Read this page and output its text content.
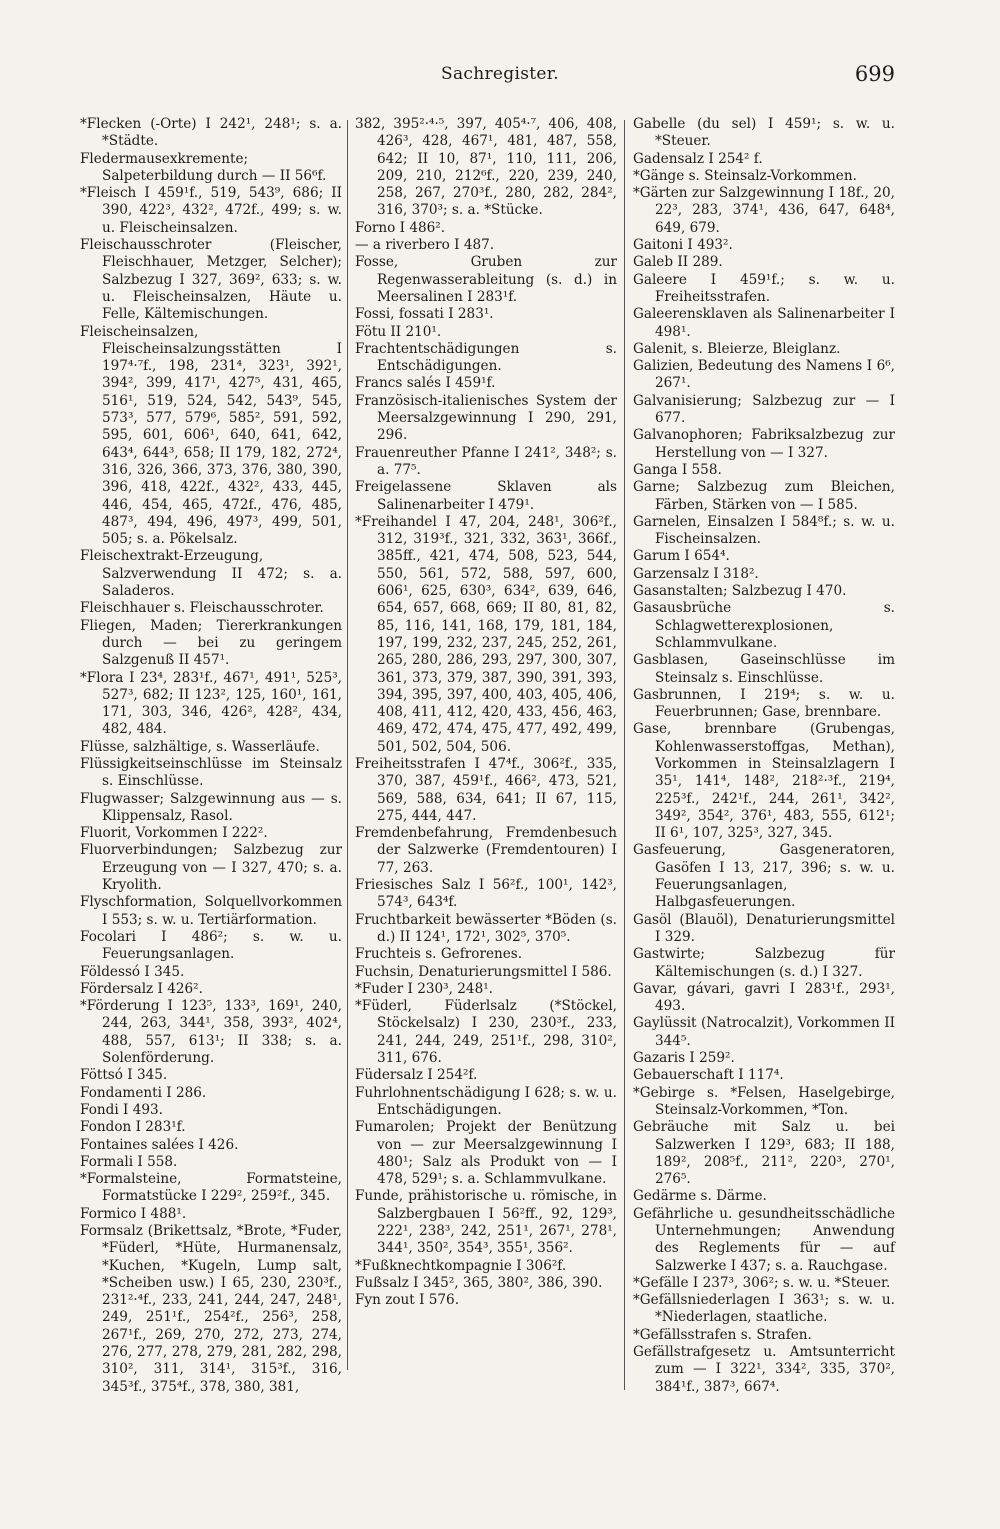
Sachregister.	699

*Flecken (-Orte) I 242¹, 248¹; s. a. *Städte.

Fledermausexkremente; Salpeterbildung durch — II 56⁶f.

*Fleisch I 459¹f., 519, 543⁹, 686; II 390, 422³, 432², 472f., 499; s. w. u. Fleischeinsalzen.

Fleischausschroter (Fleischer, Fleischhauer, Metzger, Selcher); Salzbezug I 327, 369², 633; s. w. u. Fleischeinsalzen, Häute u. Felle, Kältemischungen.

Fleischeinsalzen, Fleischeinsalzungsstätten I 197⁴·⁷f., 198, 231⁴, 323¹, 392¹, 394², 399, 417¹, 427⁵, 431, 465, 516¹, 519, 524, 542, 543⁹, 545, 573³, 577, 579⁶, 585², 591, 592, 595, 601, 606¹, 640, 641, 642, 643⁴, 644³, 658; II 179, 182, 272⁴, 316, 326, 366, 373, 376, 380, 390, 396, 418, 422f., 432², 433, 445, 446, 454, 465, 472f., 476, 485, 487³, 494, 496, 497³, 499, 501, 505; s. a. Pökelsalz.

Fleischextrakt-Erzeugung, Salzverwendung II 472; s. a. Saladeros.

Fleischhauer s. Fleischausschroter.

Fliegen, Maden; Tiererkrankungen durch — bei zu geringem Salzgenuß II 457¹.

*Flora I 23⁴, 283¹f., 467¹, 491¹, 525³, 527³, 682; II 123², 125, 160¹, 161, 171, 303, 346, 426², 428², 434, 482, 484.

Flüsse, salzhältige, s. Wasserläufe.

Flüssigkeitseinschlüsse im Steinsalz s. Einschlüsse.

Flugwasser; Salzgewinnung aus — s. Klippensalz, Rasol.

Fluorit, Vorkommen I 222².

Fluorverbindungen; Salzbezug zur Erzeugung von — I 327, 470; s. a. Kryolith.

Flyschformation, Solquellvorkommen I 553; s. w. u. Tertiärformation.

Focolari I 486²; s. w. u. Feuerungsanlagen.

Földessó I 345.

Fördersalz I 426².

*Förderung I 123⁵, 133³, 169¹, 240, 244, 263, 344¹, 358, 393², 402⁴, 488, 557, 613¹; II 338; s. a. Solenförderung.

Föttsó I 345.

Fondamenti I 286.

Fondi I 493.

Fondon I 283¹f.

Fontaines salées I 426.

Formali I 558.

*Formalsteine, Formatsteine, Formatstücke I 229², 259²f., 345.

Formico I 488¹.

Formsalz (Brikettsalz, *Brote, *Fuder, *Füderl, *Hüte, Hurmanensalz, *Kuchen, *Kugeln, Lump salt, *Scheiben usw.) I 65, 230, 230³f., 231²·⁴f., 233, 241, 244, 247, 248¹, 249, 251¹f., 254²f., 256³, 258, 267¹f., 269, 270, 272, 273, 274, 276, 277, 278, 279, 281, 282, 298, 310², 311, 314¹, 315³f., 316, 345³f., 375⁴f., 378, 380, 381,

382, 395²·⁴·⁵, 397, 405⁴·⁷, 406, 408, 426³, 428, 467¹, 481, 487, 558, 642; II 10, 87¹, 110, 111, 206, 209, 210, 212⁶f., 220, 239, 240, 258, 267, 270³f., 280, 282, 284², 316, 370³; s. a. *Stücke.

Forno I 486².

— a riverbero I 487.

Fosse, Gruben zur Regenwasserableitung (s. d.) in Meersalinen I 283¹f.

Fossi, fossati I 283¹.

Fötu II 210¹.

Frachtentschädigungen s. Entschädigungen.

Francs salés I 459¹f.

Französisch-italienisches System der Meersalzgewinnung I 290, 291, 296.

Frauenreuther Pfanne I 241², 348²; s. a. 77⁵.

Freigelassene Sklaven als Salinenarbeiter I 479¹.

*Freihandel I 47, 204, 248¹, 306²f., 312, 319³f., 321, 332, 363¹, 366f., 385ff., 421, 474, 508, 523, 544, 550, 561, 572, 588, 597, 600, 606¹, 625, 630³, 634², 639, 646, 654, 657, 668, 669; II 80, 81, 82, 85, 116, 141, 168, 179, 181, 184, 197, 199, 232, 237, 245, 252, 261, 265, 280, 286, 293, 297, 300, 307, 361, 373, 379, 387, 390, 391, 393, 394, 395, 397, 400, 403, 405, 406, 408, 411, 412, 420, 433, 456, 463, 469, 472, 474, 475, 477, 492, 499, 501, 502, 504, 506.

Freiheitsstrafen I 47⁴f., 306²f., 335, 370, 387, 459¹f., 466², 473, 521, 569, 588, 634, 641; II 67, 115, 275, 444, 447.

Fremdenbefahrung, Fremdenbesuch der Salzwerke (Fremdentouren) I 77, 263.

Friesisches Salz I 56²f., 100¹, 142³, 574³, 643⁴f.

Fruchtbarkeit bewässerter *Böden (s. d.) II 124¹, 172¹, 302⁵, 370⁵.

Fruchteis s. Gefrorenes.

Fuchsin, Denaturierungsmittel I 586.

*Fuder I 230³, 248¹.

*Füderl, Füderlsalz (*Stöckel, Stöckelsalz) I 230, 230³f., 233, 241, 244, 249, 251¹f., 298, 310², 311, 676.

Füdersalz I 254²f.

Fuhrlohnentschädigung I 628; s. w. u. Entschädigungen.

Fumarolen; Projekt der Benützung von — zur Meersalzgewinnung I 480¹; Salz als Produkt von — I 478, 529¹; s. a. Schlammvulkane.

Funde, prähistorische u. römische, in Salzbergbauen I 56²ff., 92, 129³, 222¹, 238³, 242, 251¹, 267¹, 278¹, 344¹, 350², 354³, 355¹, 356².

*Fußknechtkompagnie I 306²f.

Fußsalz I 345², 365, 380², 386, 390.

Fyn zout I 576.

Gabelle (du sel) I 459¹; s. w. u. *Steuer.

Gadensalz I 254² f.

*Gänge s. Steinsalz-Vorkommen.

*Gärten zur Salzgewinnung I 18f., 20, 22³, 283, 374¹, 436, 647, 648⁴, 649, 679.

Gaitoni I 493².

Galeb II 289.

Galeere I 459¹f.; s. w. u. Freiheitsstrafen.

Galeerensklaven als Salinenarbeiter I 498¹.

Galenit, s. Bleierze, Bleiglanz.

Galizien, Bedeutung des Namens I 6⁶, 267¹.

Galvanisierung; Salzbezug zur — I 677.

Galvanophoren; Fabriksalzbezug zur Herstellung von — I 327.

Ganga I 558.

Garne; Salzbezug zum Bleichen, Färben, Stärken von — I 585.

Garnelen, Einsalzen I 584⁸f.; s. w. u. Fischeinsalzen.

Garum I 654⁴.

Garzensalz I 318².

Gasanstalten; Salzbezug I 470.

Gasausbrüche s. Schlagwetterexplosionen, Schlammvulkane.

Gasblasen, Gaseinschlüsse im Steinsalz s. Einschlüsse.

Gasbrunnen, I 219⁴; s. w. u. Feuerbrunnen; Gase, brennbare.

Gase, brennbare (Grubengas, Kohlenwasserstoffgas, Methan), Vorkommen in Steinsalzlagern I 35¹, 141⁴, 148², 218²·³f., 219⁴, 225³f., 242¹f., 244, 261¹, 342², 349², 354², 376¹, 483, 555, 612¹; II 6¹, 107, 325³, 327, 345.

Gasfeuerung, Gasgeneratoren, Gasöfen I 13, 217, 396; s. w. u. Feuerungsanlagen, Halbgasfeuerungen.

Gasöl (Blauöl), Denaturierungsmittel I 329.

Gastwirte; Salzbezug für Kältemischungen (s. d.) I 327.

Gavar, gávari, gavri I 283¹f., 293¹, 493.

Gaylüssit (Natrocalzit), Vorkommen II 344⁵.

Gazaris I 259².

Gebauerschaft I 117⁴.

*Gebirge s. *Felsen, Haselgebirge, Steinsalz-Vorkommen, *Ton.

Gebräuche mit Salz u. bei Salzwerken I 129³, 683; II 188, 189², 208⁵f., 211², 220³, 270¹, 276⁵.

Gedärme s. Därme.

Gefährliche u. gesundheitsschädliche Unternehmungen; Anwendung des Reglements für — auf Salzwerke I 437; s. a. Rauchgase.

*Gefälle I 237³, 306²; s. w. u. *Steuer.

*Gefällsniederlagen I 363¹; s. w. u. *Niederlagen, staatliche.

*Gefällsstrafen s. Strafen.

Gefällstrafgesetz u. Amtsunterricht zum — I 322¹, 334², 335, 370², 384¹f., 387³, 667⁴.
